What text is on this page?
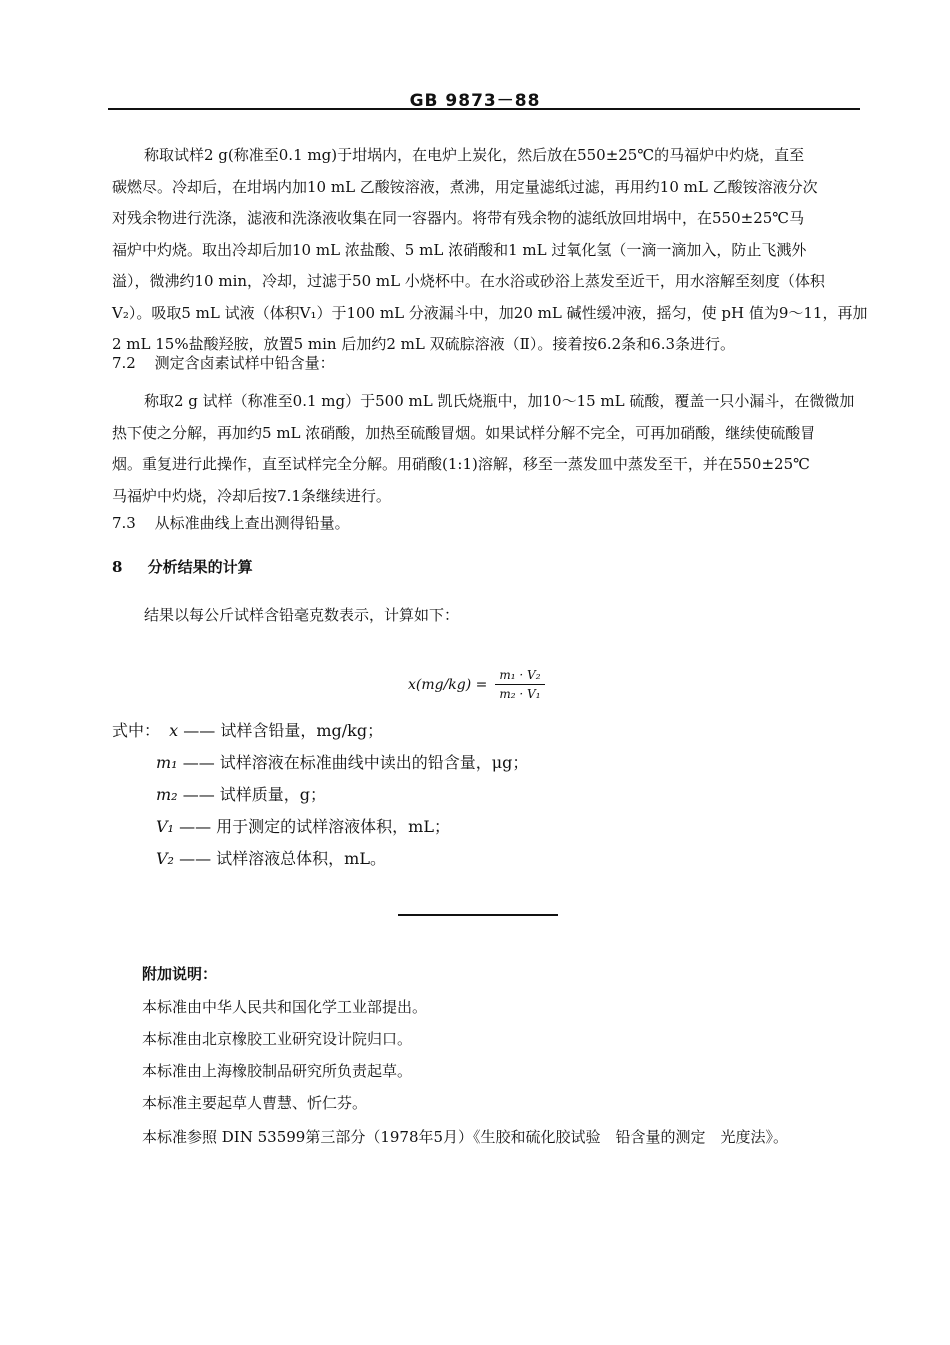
GB 9873－88
称取试样2 g(称准至0.1 mg)于坩埚内，在电炉上炭化，然后放在550±25℃的马福炉中灼烧，直至
碳燃尽。冷却后，在坩埚内加10 mL 乙酸铵溶液，煮沸，用定量滤纸过滤，再用约10 mL 乙酸铵溶液分次
对残余物进行洗涤，滤液和洗涤液收集在同一容器内。将带有残余物的滤纸放回坩埚中，在550±25℃马
福炉中灼烧。取出冷却后加10 mL 浓盐酸、5 mL 浓硝酸和1 mL 过氧化氢（一滴一滴加入，防止飞溅外
溢），微沸约10 min，冷却，过滤于50 mL 小烧杯中。在水浴或砂浴上蒸发至近干，用水溶解至刻度（体积
V₂）。吸取5 mL 试液（体积V₁）于100 mL 分液漏斗中，加20 mL 碱性缓冲液，摇匀，使 pH 值为9～11，再加
2 mL 15%盐酸羟胺，放置5 min 后加约2 mL 双硫腙溶液（Ⅱ）。接着按6.2条和6.3条进行。
7.2 测定含卤素试样中铅含量：
称取2 g 试样（称准至0.1 mg）于500 mL 凯氏烧瓶中，加10～15 mL 硫酸，覆盖一只小漏斗，在微微加
热下使之分解，再加约5 mL 浓硝酸，加热至硫酸冒烟。如果试样分解不完全，可再加硝酸，继续使硫酸冒
烟。重复进行此操作，直至试样完全分解。用硝酸(1:1)溶解，移至一蒸发皿中蒸发至干，并在550±25℃
马福炉中灼烧，冷却后按7.1条继续进行。
7.3 从标准曲线上查出测得铅量。
8 分析结果的计算
结果以每公斤试样含铅毫克数表示，计算如下：
$x(mg/kg) = \frac{\text{m₁ · V₂}}{\text{m₂ · V₁}}$
式中： x —— 试样含铅量，mg/kg；
m₁ —— 试样溶液在标准曲线中读出的铅含量，μg；
m₂ —— 试样质量，g；
V₁ —— 用于测定的试样溶液体积，mL；
V₂ —— 试样溶液总体积，mL。
附加说明：
本标准由中华人民共和国化学工业部提出。
本标准由北京橡胶工业研究设计院归口。
本标准由上海橡胶制品研究所负责起草。
本标准主要起草人曹慧、忻仁芬。
本标准参照 DIN 53599第三部分（1978年5月）《生胶和硫化胶试验　铅含量的测定　光度法》。
